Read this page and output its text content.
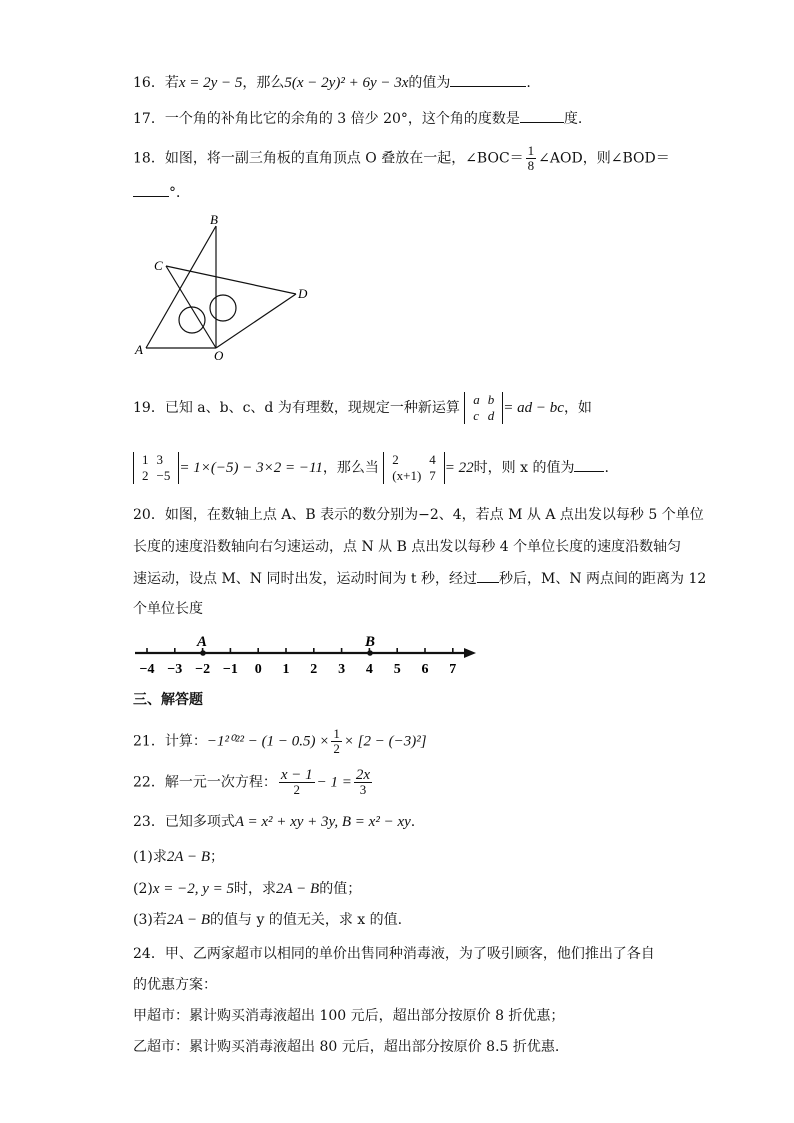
16．若x = 2y − 5，那么5(x − 2y)² + 6y − 3x的值为	.
17．一个角的补角比它的余角的 3 倍少 20°，这个角的度数是	度.
18．如图，将一副三角板的直角顶点 O 叠放在一起，∠BOC＝ $\frac{1}{8}$ ∠AOD，则∠BOD＝
°．
B
C
D
A	O
19．已知 a、b、c、d 为有理数，现规定一种新运算
a	b
c	d = ad − bc，如
1	3
2	−5 = 1×(−5) − 3×2 = −11，那么当
2	4
(x+1)	7 = 22时，则 x 的值为 .
20．如图，在数轴上点 A、B 表示的数分别为−2、4，若点 M 从 A 点出发以每秒 5 个单位
长度的速度沿数轴向右匀速运动，点 N 从 B 点出发以每秒 4 个单位长度的速度沿数轴匀
速运动，设点 M、N 同时出发，运动时间为 t 秒，经过 秒后，M、N 两点间的距离为 12
个单位长度
−4 −3 −2 −1 0 1 2 3 4 5 6 7
A	B
三、解答题
21．计算：$-1^{2022} - (1 - 0.5) \times \frac{1}{2} \times [2 - (-3)^2]$
22．解一元一次方程： $\frac{x - 1}{2} - 1 = \frac{2x}{3}$
23．已知多项式A = x² + xy + 3y, B = x² − xy.
(1)求2A − B；
(2)x = −2, y = 5时，求2A − B的值；
(3)若2A − B的值与 y 的值无关，求 x 的值.
24．甲、乙两家超市以相同的单价出售同种消毒液，为了吸引顾客，他们推出了各自
的优惠方案：
甲超市：累计购买消毒液超出 100 元后，超出部分按原价 8 折优惠；
乙超市：累计购买消毒液超出 80 元后，超出部分按原价 8.5 折优惠.
